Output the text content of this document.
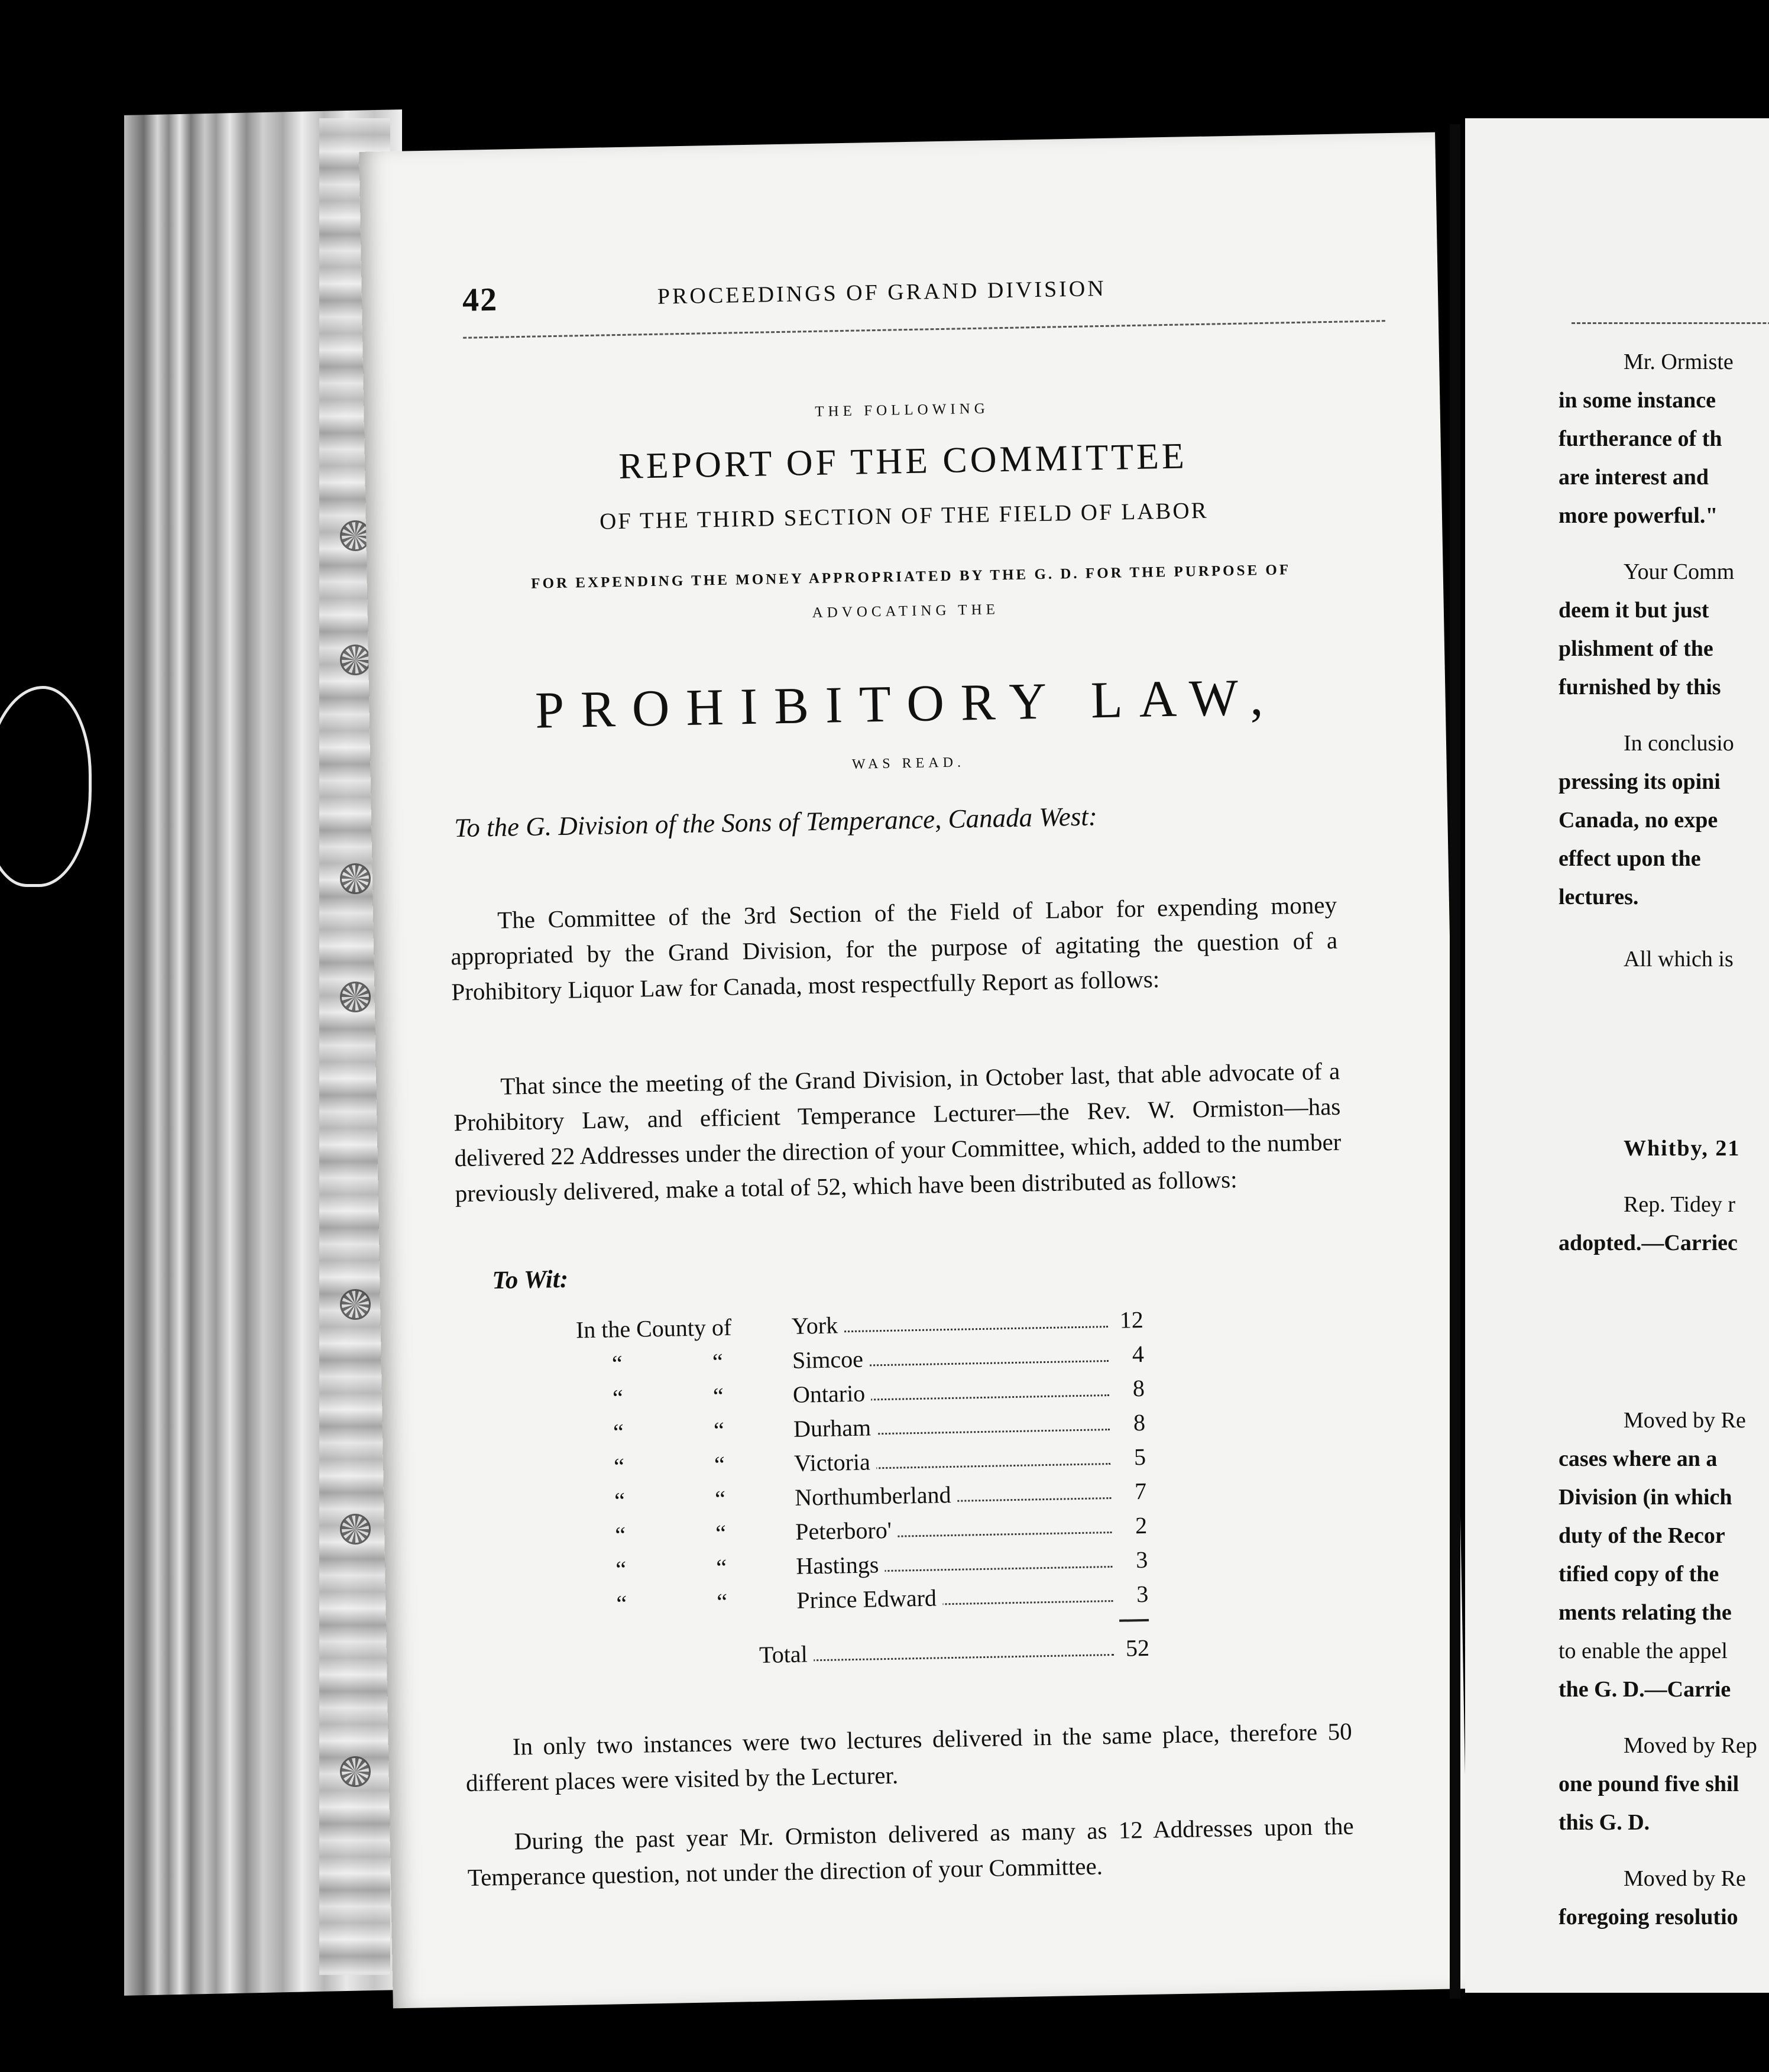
42	PROCEEDINGS OF GRAND DIVISION
THE FOLLOWING
REPORT OF THE COMMITTEE
OF THE THIRD SECTION OF THE FIELD OF LABOR
FOR EXPENDING THE MONEY APPROPRIATED BY THE G. D. FOR THE PURPOSE OF
ADVOCATING THE
PROHIBITORY LAW,
WAS READ.
To the G. Division of the Sons of Temperance, Canada West:

The Committee of the 3rd Section of the Field of Labor for expending money appropriated by the Grand Division, for the purpose of agitating the question of a Prohibitory Liquor Law for Canada, most respectfully Report as follows:

That since the meeting of the Grand Division, in October last, that able advocate of a Prohibitory Law, and efficient Temperance Lecturer—the Rev. W. Ormiston—has delivered 22 Addresses under the direction of your Committee, which, added to the number previously delivered, make a total of 52, which have been distributed as follows:

To Wit:
In the County of	York	12
“	“	Simcoe	4
“	“	Ontario	8
“	“	Durham	8
“	“	Victoria	5
“	“	Northumberland	7
“	“	Peterboro'	2
“	“	Hastings	3
“	“	Prince Edward	3
Total	52

In only two instances were two lectures delivered in the same place, therefore 50 different places were visited by the Lecturer.

During the past year Mr. Ormiston delivered as many as 12 Addresses upon the Temperance question, not under the direction of your Committee.

Mr. Ormiste
in some instance
furtherance of th
are interest and
more powerful."
Your Comm
deem it but just
plishment of the
furnished by this
In conclusio
pressing its opini
Canada, no expe
effect upon the
lectures.
All which is
Whitby, 21
Rep. Tidey r
adopted.—Carriec
Moved by Re
cases where an a
Division (in which
duty of the Recor
tified copy of the
ments relating the
to enable the appel
the G. D.—Carrie
Moved by Rep
one pound five shil
this G. D.
Moved by Re
foregoing resolutio
